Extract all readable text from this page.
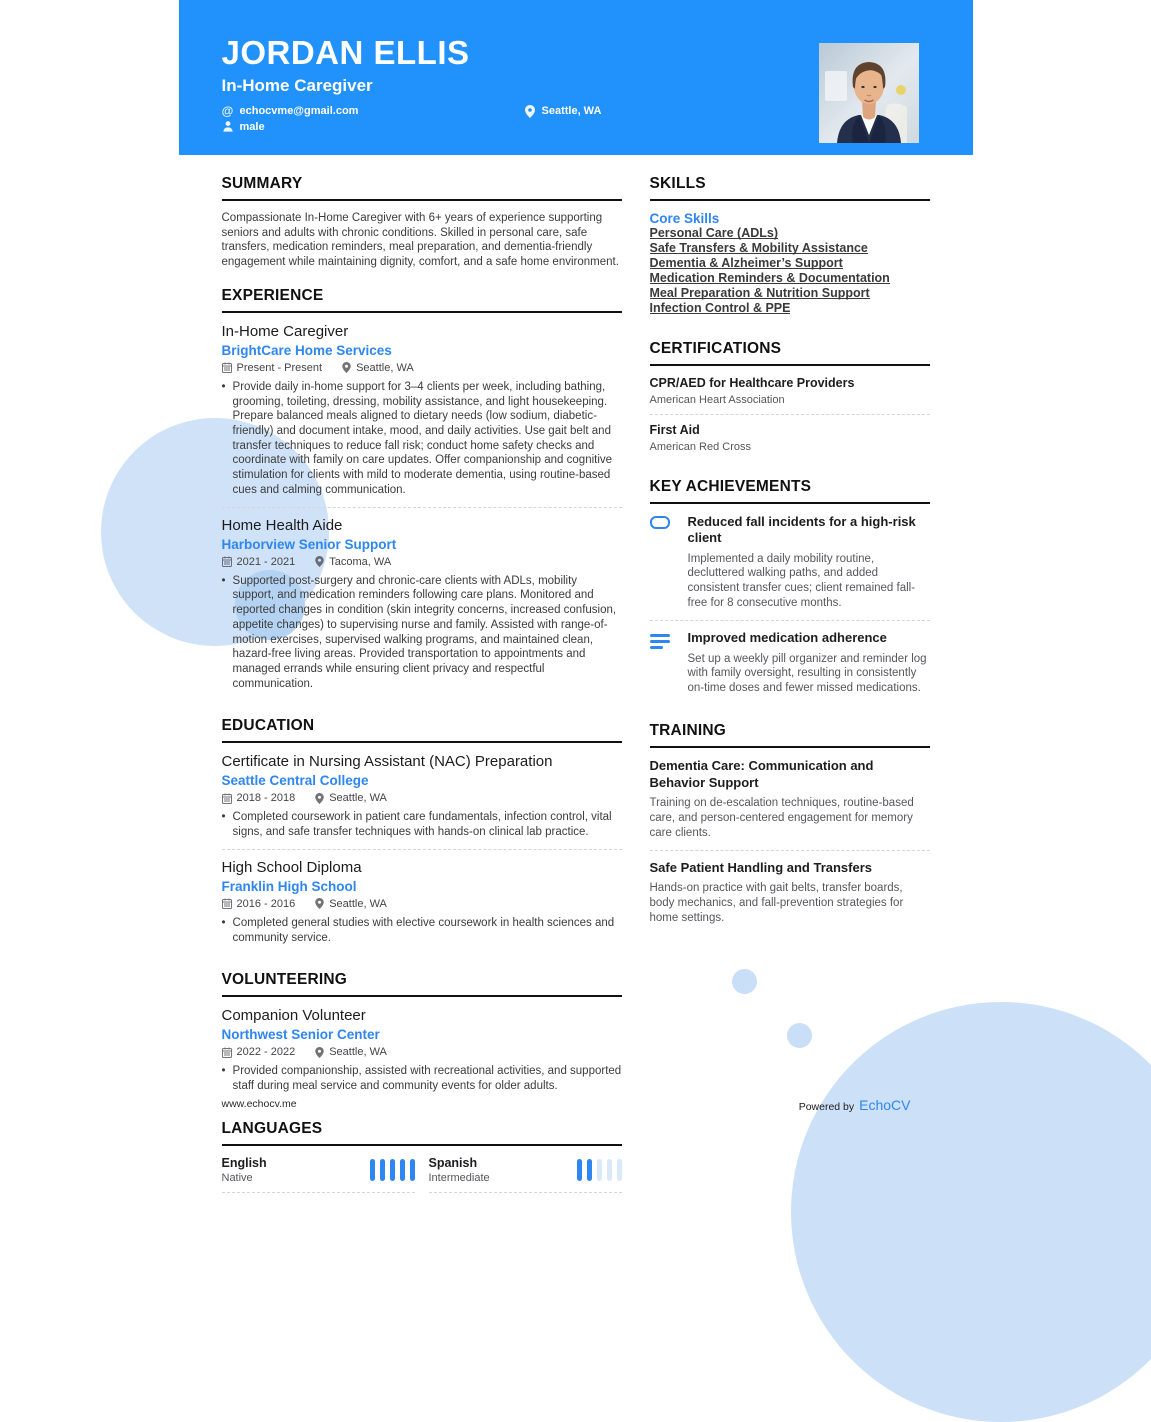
JORDAN ELLIS
In-Home Caregiver
@ echocvme@gmail.com	Seattle, WA
male
SUMMARY
Compassionate In-Home Caregiver with 6+ years of experience supporting seniors and adults with chronic conditions. Skilled in personal care, safe transfers, medication reminders, meal preparation, and dementia-friendly engagement while maintaining dignity, comfort, and a safe home environment.
EXPERIENCE
In-Home Caregiver
BrightCare Home Services
Present - Present	Seattle, WA
• Provide daily in-home support for 3–4 clients per week, including bathing, grooming, toileting, dressing, mobility assistance, and light housekeeping. Prepare balanced meals aligned to dietary needs (low sodium, diabetic-friendly) and document intake, mood, and daily activities. Use gait belt and transfer techniques to reduce fall risk; conduct home safety checks and coordinate with family on care updates. Offer companionship and cognitive stimulation for clients with mild to moderate dementia, using routine-based cues and calming communication.
Home Health Aide
Harborview Senior Support
2021 - 2021	Tacoma, WA
• Supported post-surgery and chronic-care clients with ADLs, mobility support, and medication reminders following care plans. Monitored and reported changes in condition (skin integrity concerns, increased confusion, appetite changes) to supervising nurse and family. Assisted with range-of-motion exercises, supervised walking programs, and maintained clean, hazard-free living areas. Provided transportation to appointments and managed errands while ensuring client privacy and respectful communication.
EDUCATION
Certificate in Nursing Assistant (NAC) Preparation
Seattle Central College
2018 - 2018	Seattle, WA
• Completed coursework in patient care fundamentals, infection control, vital signs, and safe transfer techniques with hands-on clinical lab practice.
High School Diploma
Franklin High School
2016 - 2016	Seattle, WA
• Completed general studies with elective coursework in health sciences and community service.
VOLUNTEERING
Companion Volunteer
Northwest Senior Center
2022 - 2022	Seattle, WA
• Provided companionship, assisted with recreational activities, and supported staff during meal service and community events for older adults.
LANGUAGES
English
Native
Spanish
Intermediate
SKILLS
Core Skills
Personal Care (ADLs)
Safe Transfers & Mobility Assistance
Dementia & Alzheimer’s Support
Medication Reminders & Documentation
Meal Preparation & Nutrition Support
Infection Control & PPE
CERTIFICATIONS
CPR/AED for Healthcare Providers
American Heart Association
First Aid
American Red Cross
KEY ACHIEVEMENTS
Reduced fall incidents for a high-risk client
Implemented a daily mobility routine, decluttered walking paths, and added consistent transfer cues; client remained fall-free for 8 consecutive months.
Improved medication adherence
Set up a weekly pill organizer and reminder log with family oversight, resulting in consistently on-time doses and fewer missed medications.
TRAINING
Dementia Care: Communication and Behavior Support
Training on de-escalation techniques, routine-based care, and person-centered engagement for memory care clients.
Safe Patient Handling and Transfers
Hands-on practice with gait belts, transfer boards, body mechanics, and fall-prevention strategies for home settings.
www.echocv.me	Powered by EchoCV
